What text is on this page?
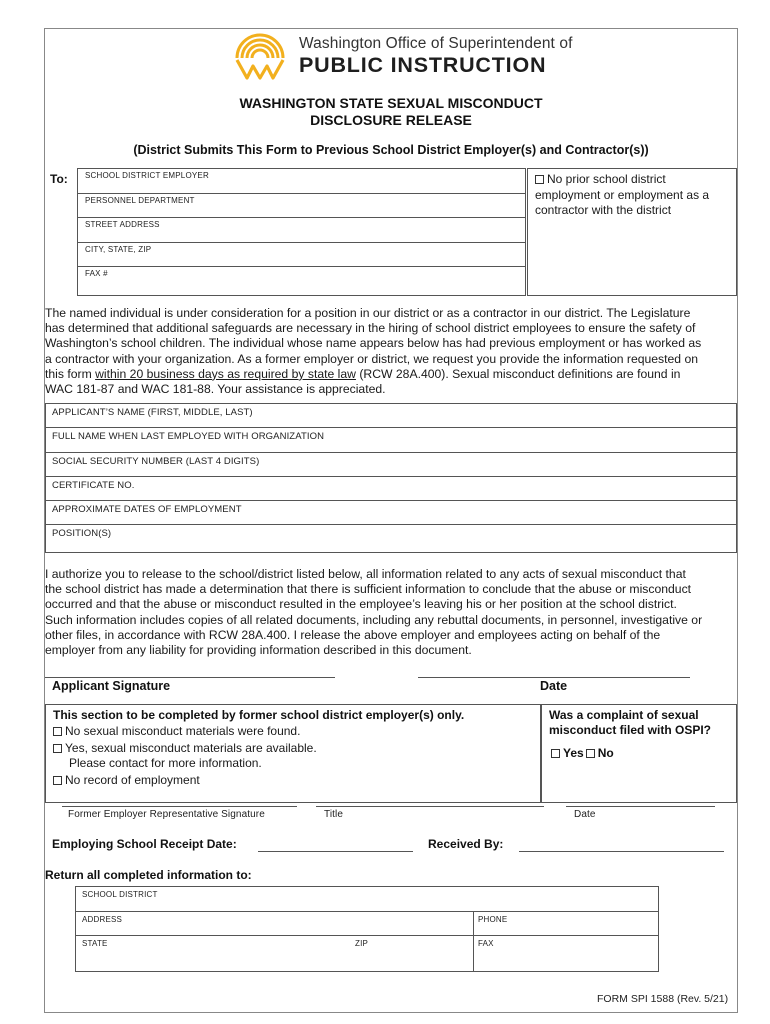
Washington Office of Superintendent of
PUBLIC INSTRUCTION
WASHINGTON STATE SEXUAL MISCONDUCT
DISCLOSURE RELEASE
(District Submits This Form to Previous School District Employer(s) and Contractor(s))
To: SCHOOL DISTRICT EMPLOYER
PERSONNEL DEPARTMENT
STREET ADDRESS
CITY, STATE, ZIP
FAX #
No prior school district
employment or employment as a
contractor with the district
The named individual is under consideration for a position in our district or as a contractor in our district. The Legislature
has determined that additional safeguards are necessary in the hiring of school district employees to ensure the safety of
Washington’s school children. The individual whose name appears below has had previous employment or has worked as
a contractor with your organization. As a former employer or district, we request you provide the information requested on
this form within 20 business days as required by state law (RCW 28A.400). Sexual misconduct definitions are found in
WAC 181-87 and WAC 181-88. Your assistance is appreciated.
APPLICANT’S NAME (FIRST, MIDDLE, LAST)
FULL NAME WHEN LAST EMPLOYED WITH ORGANIZATION
SOCIAL SECURITY NUMBER (LAST 4 DIGITS)
CERTIFICATE NO.
APPROXIMATE DATES OF EMPLOYMENT
POSITION(S)
I authorize you to release to the school/district listed below, all information related to any acts of sexual misconduct that
the school district has made a determination that there is sufficient information to conclude that the abuse or misconduct
occurred and that the abuse or misconduct resulted in the employee’s leaving his or her position at the school district.
Such information includes copies of all related documents, including any rebuttal documents, in personnel, investigative or
other files, in accordance with RCW 28A.400. I release the above employer and employees acting on behalf of the
employer from any liability for providing information described in this document.
Applicant Signature	Date
This section to be completed by former school district employer(s) only.
No sexual misconduct materials were found.
Yes, sexual misconduct materials are available.
Please contact for more information.
No record of employment
Was a complaint of sexual
misconduct filed with OSPI?
Yes No
Former Employer Representative Signature	Title	Date
Employing School Receipt Date:	Received By:
Return all completed information to:
SCHOOL DISTRICT
ADDRESS	PHONE
STATE	ZIP	FAX
FORM SPI 1588 (Rev. 5/21)
